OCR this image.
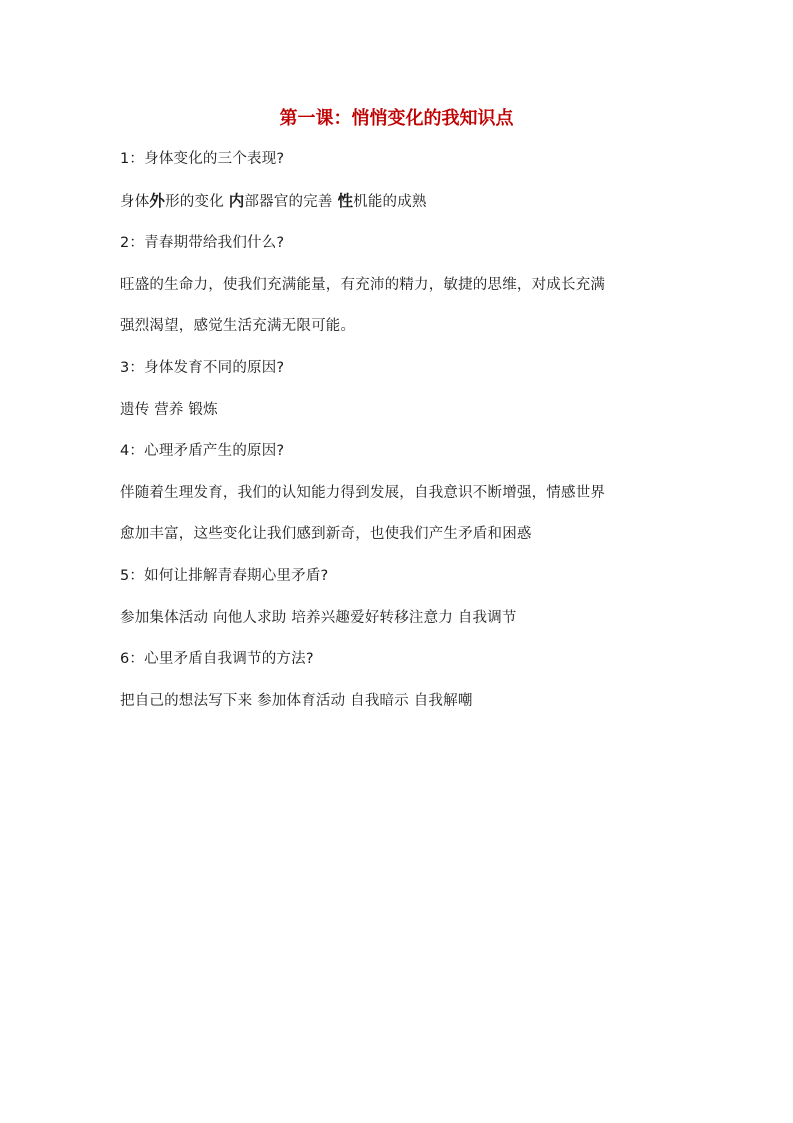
第一课：悄悄变化的我知识点
1：身体变化的三个表现?
身体外形的变化 内部器官的完善 性机能的成熟
2：青春期带给我们什么?
旺盛的生命力，使我们充满能量，有充沛的精力，敏捷的思维，对成长充满
强烈渴望，感觉生活充满无限可能。
3：身体发育不同的原因?
遗传 营养 锻炼
4：心理矛盾产生的原因?
伴随着生理发育，我们的认知能力得到发展，自我意识不断增强，情感世界
愈加丰富，这些变化让我们感到新奇，也使我们产生矛盾和困惑
5：如何让排解青春期心里矛盾?
参加集体活动 向他人求助 培养兴趣爱好转移注意力 自我调节
6：心里矛盾自我调节的方法?
把自己的想法写下来 参加体育活动 自我暗示 自我解嘲
